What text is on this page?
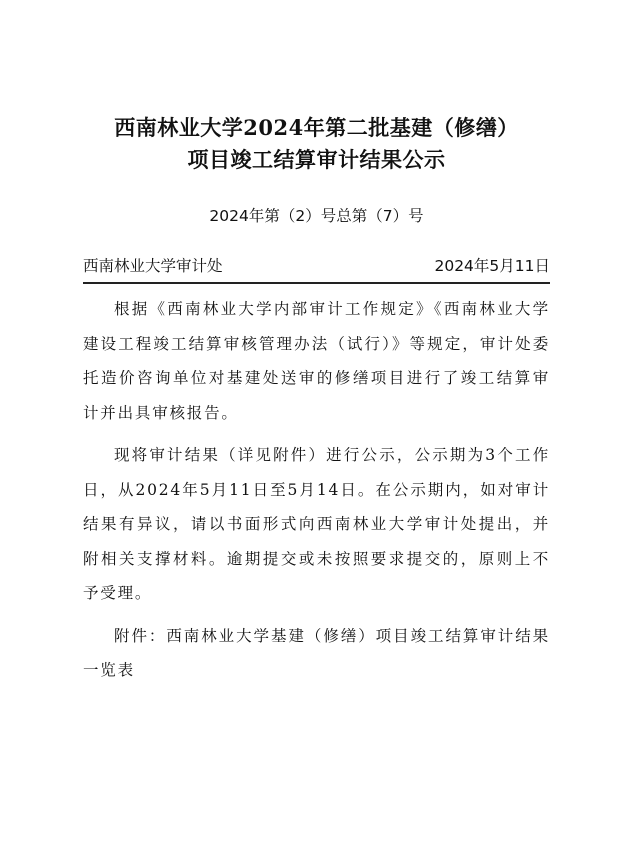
西南林业大学2024年第二批基建（修缮）
项目竣工结算审计结果公示
2024年第（2）号总第（7）号
西南林业大学审计处	2024年5月11日

根据《西南林业大学内部审计工作规定》《西南林业大学建设工程竣工结算审核管理办法（试行）》等规定，审计处委托造价咨询单位对基建处送审的修缮项目进行了竣工结算审计并出具审核报告。

现将审计结果（详见附件）进行公示，公示期为3个工作日，从2024年5月11日至5月14日。在公示期内，如对审计结果有异议，请以书面形式向西南林业大学审计处提出，并附相关支撑材料。逾期提交或未按照要求提交的，原则上不予受理。

附件：西南林业大学基建（修缮）项目竣工结算审计结果一览表
